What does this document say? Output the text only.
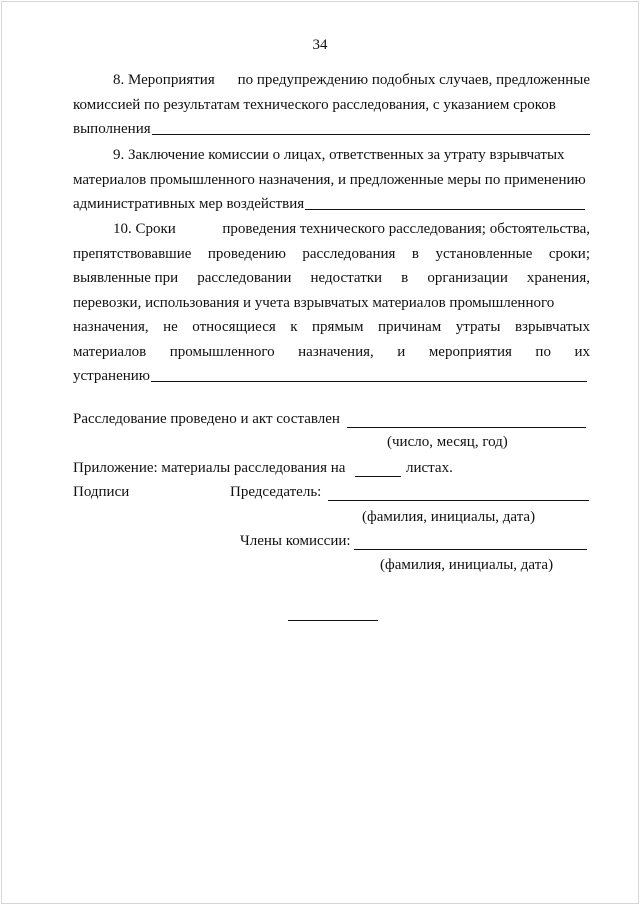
34
8. Мероприятия по предупреждению подобных случаев, предложенные
комиссией по результатам технического расследования, с указанием сроков
выполнения
9. Заключение комиссии о лицах, ответственных за утрату взрывчатых
материалов промышленного назначения, и предложенные меры по применению
административных мер воздействия
10. Сроки	проведения технического расследования; обстоятельства,
препятствовавшие проведению расследования в установленные сроки;
выявленные при расследовании недостатки в организации хранения,
перевозки, использования и учета взрывчатых материалов промышленного
назначения, не относящиеся к прямым причинам утраты взрывчатых
материалов промышленного назначения, и мероприятия по их
устранению
Расследование проведено и акт составлен
(число, месяц, год)
Приложение: материалы расследования на	листах.
Подписи	Председатель:
(фамилия, инициалы, дата)
Члены комиссии:
(фамилия, инициалы, дата)
